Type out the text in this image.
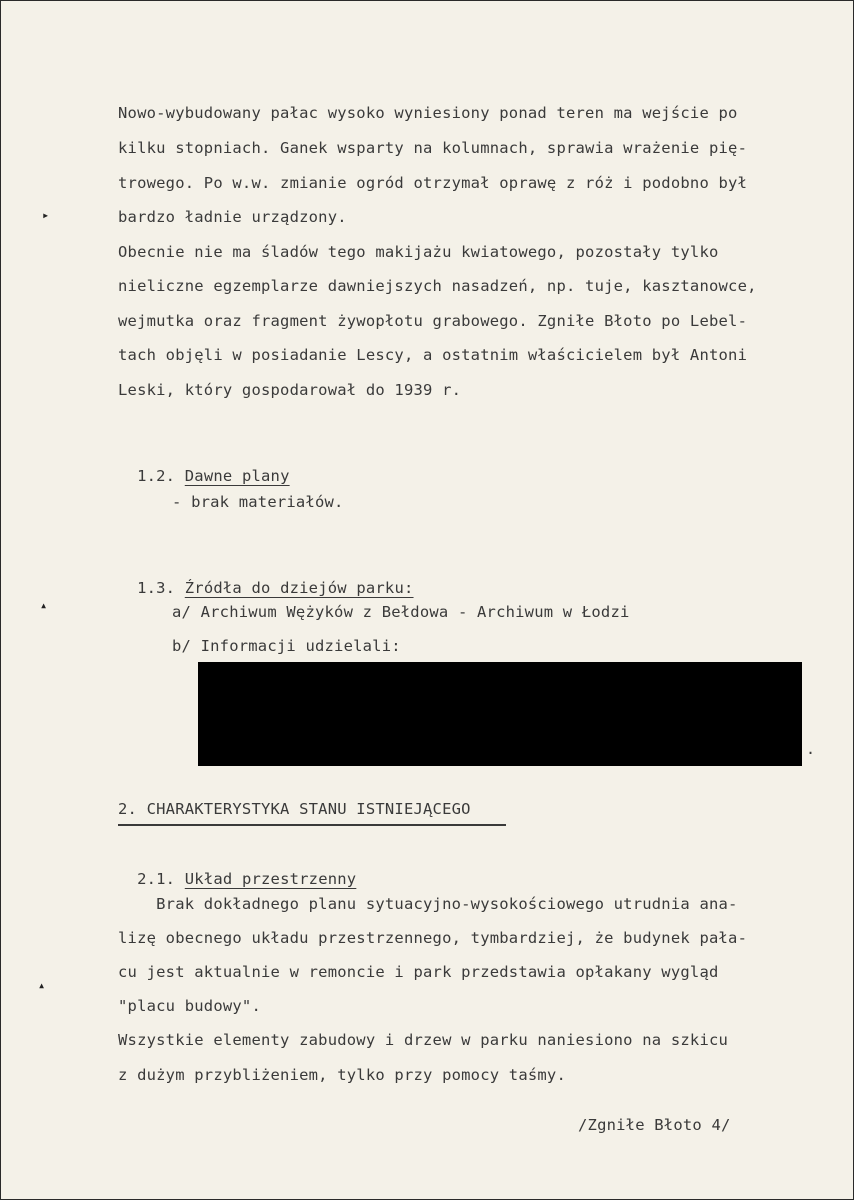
▸
▴
▴
Nowo-wybudowany pałac wysoko wyniesiony ponad teren ma wejście po
kilku stopniach. Ganek wsparty na kolumnach, sprawia wrażenie pię-
trowego. Po w.w. zmianie ogród otrzymał oprawę z róż i podobno był
bardzo ładnie urządzony.
Obecnie nie ma śladów tego makijażu kwiatowego, pozostały tylko
nieliczne egzemplarze dawniejszych nasadzeń, np. tuje, kasztanowce,
wejmutka oraz fragment żywopłotu grabowego. Zgniłe Błoto po Lebel-
tach objęli w posiadanie Lescy, a ostatnim właścicielem był Antoni
Leski, który gospodarował do 1939 r.

1.2. Dawne plany

- brak materiałów.

1.3. Źródła do dziejów parku:

a/ Archiwum Wężyków z Bełdowa - Archiwum w Łodzi
b/ Informacji udzielali:
.
2. CHARAKTERYSTYKA STANU ISTNIEJĄCEGO

2.1. Układ przestrzenny

Brak dokładnego planu sytuacyjno-wysokościowego utrudnia ana-
lizę obecnego układu przestrzennego, tymbardziej, że budynek pała-
cu jest aktualnie w remoncie i park przedstawia opłakany wygląd
"placu budowy".
Wszystkie elementy zabudowy i drzew w parku naniesiono na szkicu
z dużym przybliżeniem, tylko przy pomocy taśmy.
/Zgniłe Błoto 4/
